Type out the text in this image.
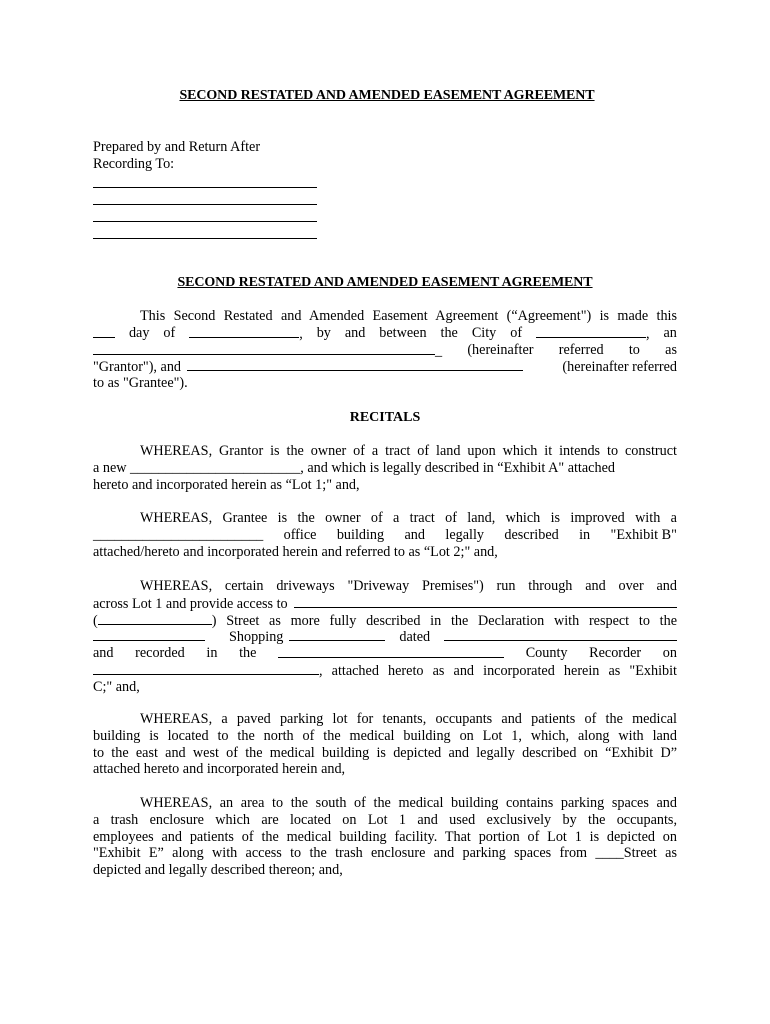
SECOND RESTATED AND AMENDED EASEMENT AGREEMENT
Prepared by and Return After
Recording To:
SECOND RESTATED AND AMENDED EASEMENT AGREEMENT
This Second Restated and Amended Easement Agreement (“Agreement") is made this
day of	, by and between the City of	, an
_ (hereinafter referred to as
"Grantor"), and	(hereinafter referred
to as "Grantee").
RECITALS
WHEREAS, Grantor is the owner of a tract of land upon which it intends to construct
a new ________________________, and which is legally described in “Exhibit A" attached
hereto and incorporated herein as “Lot 1;" and,
WHEREAS, Grantee is the owner of a tract of land, which is improved with a
________________________ office building and legally described in "Exhibit B"
attached/hereto and incorporated herein and referred to as “Lot 2;" and,
WHEREAS, certain driveways "Driveway Premises") run through and over and
across Lot 1 and provide access to
(	) Street as more fully described in the Declaration with respect to the
Shopping	dated
and recorded in the	County Recorder on
, attached hereto as and incorporated herein as "Exhibit
C;" and,
WHEREAS, a paved parking lot for tenants, occupants and patients of the medical
building is located to the north of the medical building on Lot 1, which, along with land
to the east and west of the medical building is depicted and legally described on “Exhibit D”
attached hereto and incorporated herein and,
WHEREAS, an area to the south of the medical building contains parking spaces and
a trash enclosure which are located on Lot 1 and used exclusively by the occupants,
employees and patients of the medical building facility. That portion of Lot 1 is depicted on
"Exhibit E” along with access to the trash enclosure and parking spaces from ____Street as
depicted and legally described thereon; and,
